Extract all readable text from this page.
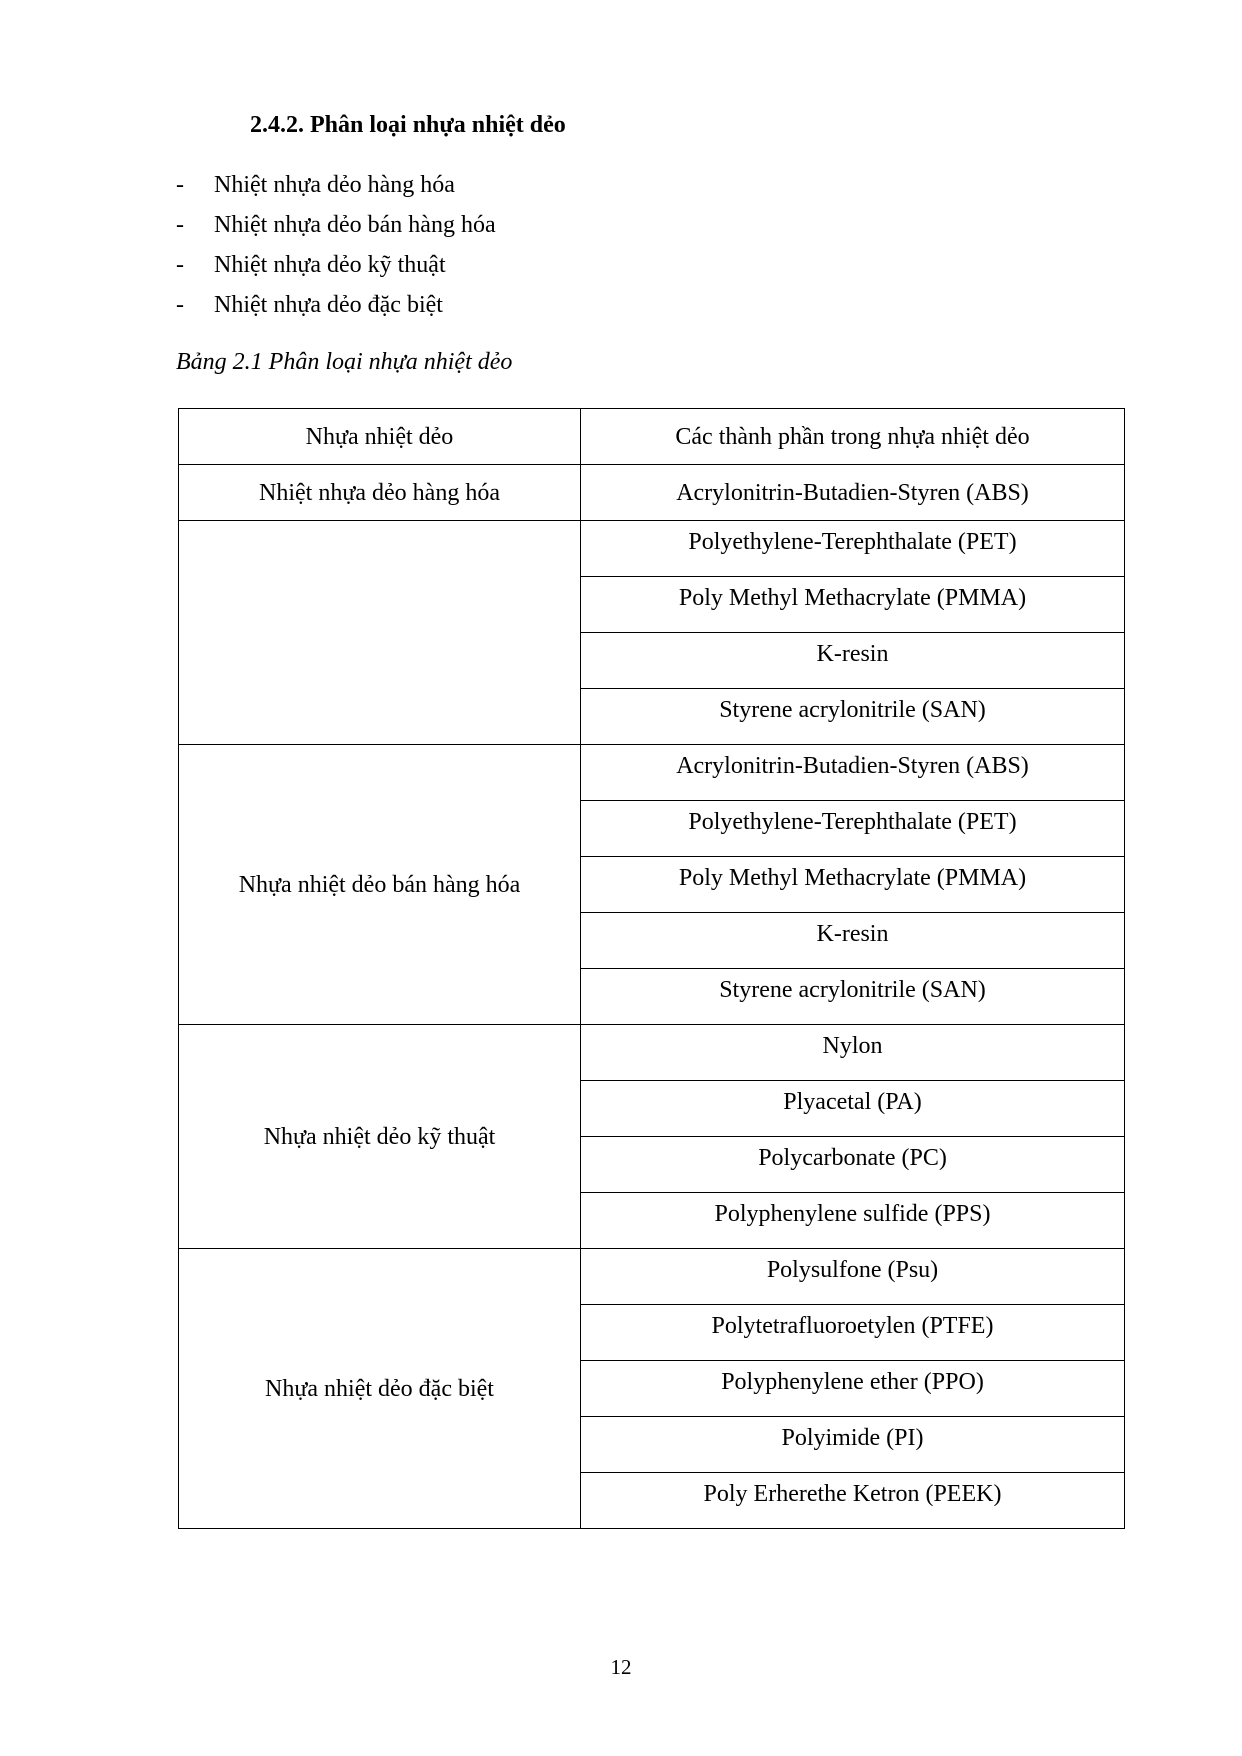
2.4.2. Phân loại nhựa nhiệt dẻo
-	Nhiệt nhựa dẻo hàng hóa
-	Nhiệt nhựa dẻo bán hàng hóa
-	Nhiệt nhựa dẻo kỹ thuật
-	Nhiệt nhựa dẻo đặc biệt

Bảng 2.1 Phân loại nhựa nhiệt dẻo

Nhựa nhiệt dẻo	Các thành phần trong nhựa nhiệt dẻo
Nhiệt nhựa dẻo hàng hóa	Acrylonitrin-Butadien-Styren (ABS)
	Polyethylene-Terephthalate (PET)
	Poly Methyl Methacrylate (PMMA)
	K-resin
	Styrene acrylonitrile (SAN)
Nhựa nhiệt dẻo bán hàng hóa	Acrylonitrin-Butadien-Styren (ABS)
	Polyethylene-Terephthalate (PET)
	Poly Methyl Methacrylate (PMMA)
	K-resin
	Styrene acrylonitrile (SAN)
Nhựa nhiệt dẻo kỹ thuật	Nylon
	Plyacetal (PA)
	Polycarbonate (PC)
	Polyphenylene sulfide (PPS)
Nhựa nhiệt dẻo đặc biệt	Polysulfone (Psu)
	Polytetrafluoroetylen (PTFE)
	Polyphenylene ether (PPO)
	Polyimide (PI)
	Poly Erherethe Ketron (PEEK)
12
